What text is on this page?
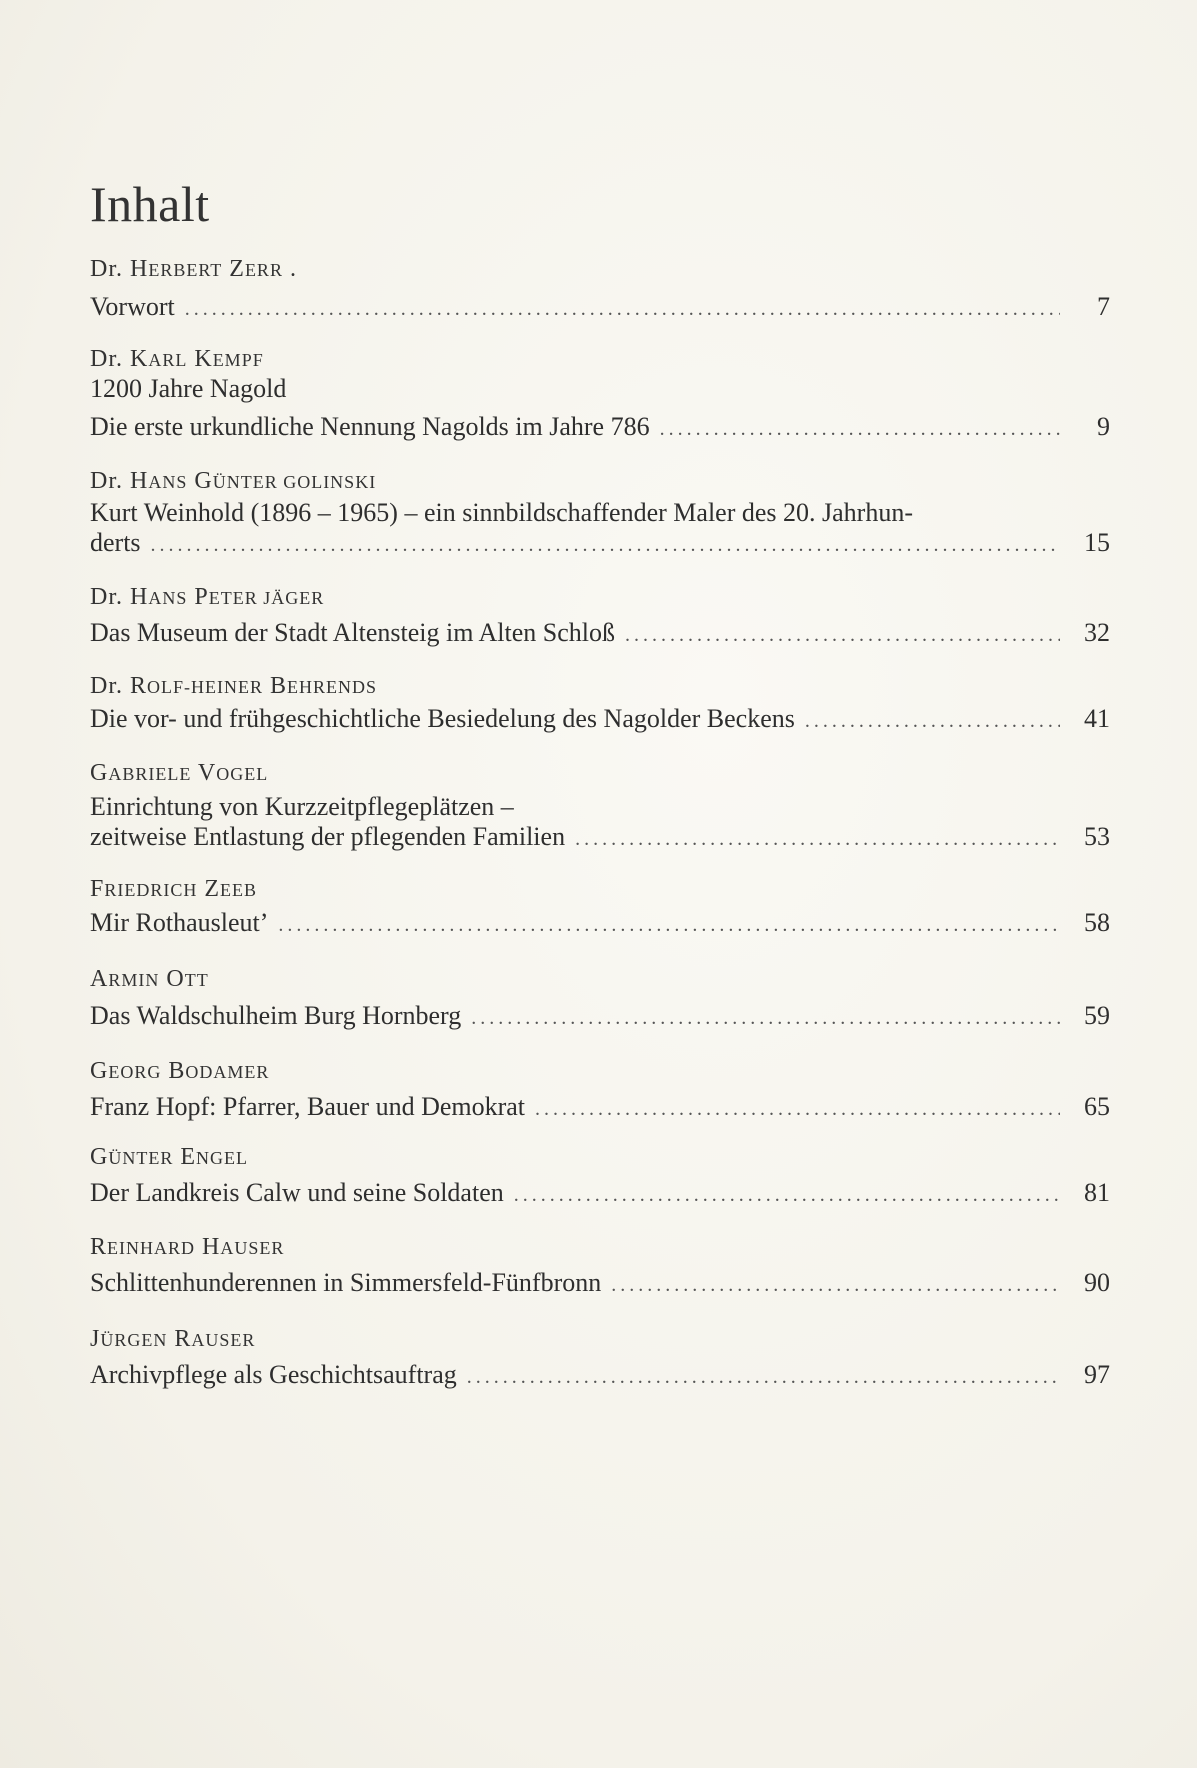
Inhalt
Dr. HERBERT ZERR .
Vorwort .....	7
Dr. KARL KEMPF
1200 Jahre Nagold
Die erste urkundliche Nennung Nagolds im Jahre 786 .....	9
Dr. HANS GÜNTER GOLINSKI
Kurt Weinhold (1896 – 1965) – ein sinnbildschaffender Maler des 20. Jahrhun-
derts .....	15
Dr. HANS PETER JÄGER
Das Museum der Stadt Altensteig im Alten Schloß .....	32
Dr. ROLF-HEINER BEHRENDS
Die vor- und frühgeschichtliche Besiedelung des Nagolder Beckens .....	41
GABRIELE VOGEL
Einrichtung von Kurzzeitpflegeplätzen –
zeitweise Entlastung der pflegenden Familien .....	53
FRIEDRICH ZEEB
Mir Rothausleut’ .....	58
ARMIN OTT
Das Waldschulheim Burg Hornberg .....	59
GEORG BODAMER
Franz Hopf: Pfarrer, Bauer und Demokrat .....	65
GÜNTER ENGEL
Der Landkreis Calw und seine Soldaten .....	81
REINHARD HAUSER
Schlittenhunderennen in Simmersfeld-Fünfbronn .....	90
JÜRGEN RAUSER
Archivpflege als Geschichtsauftrag .....	97
